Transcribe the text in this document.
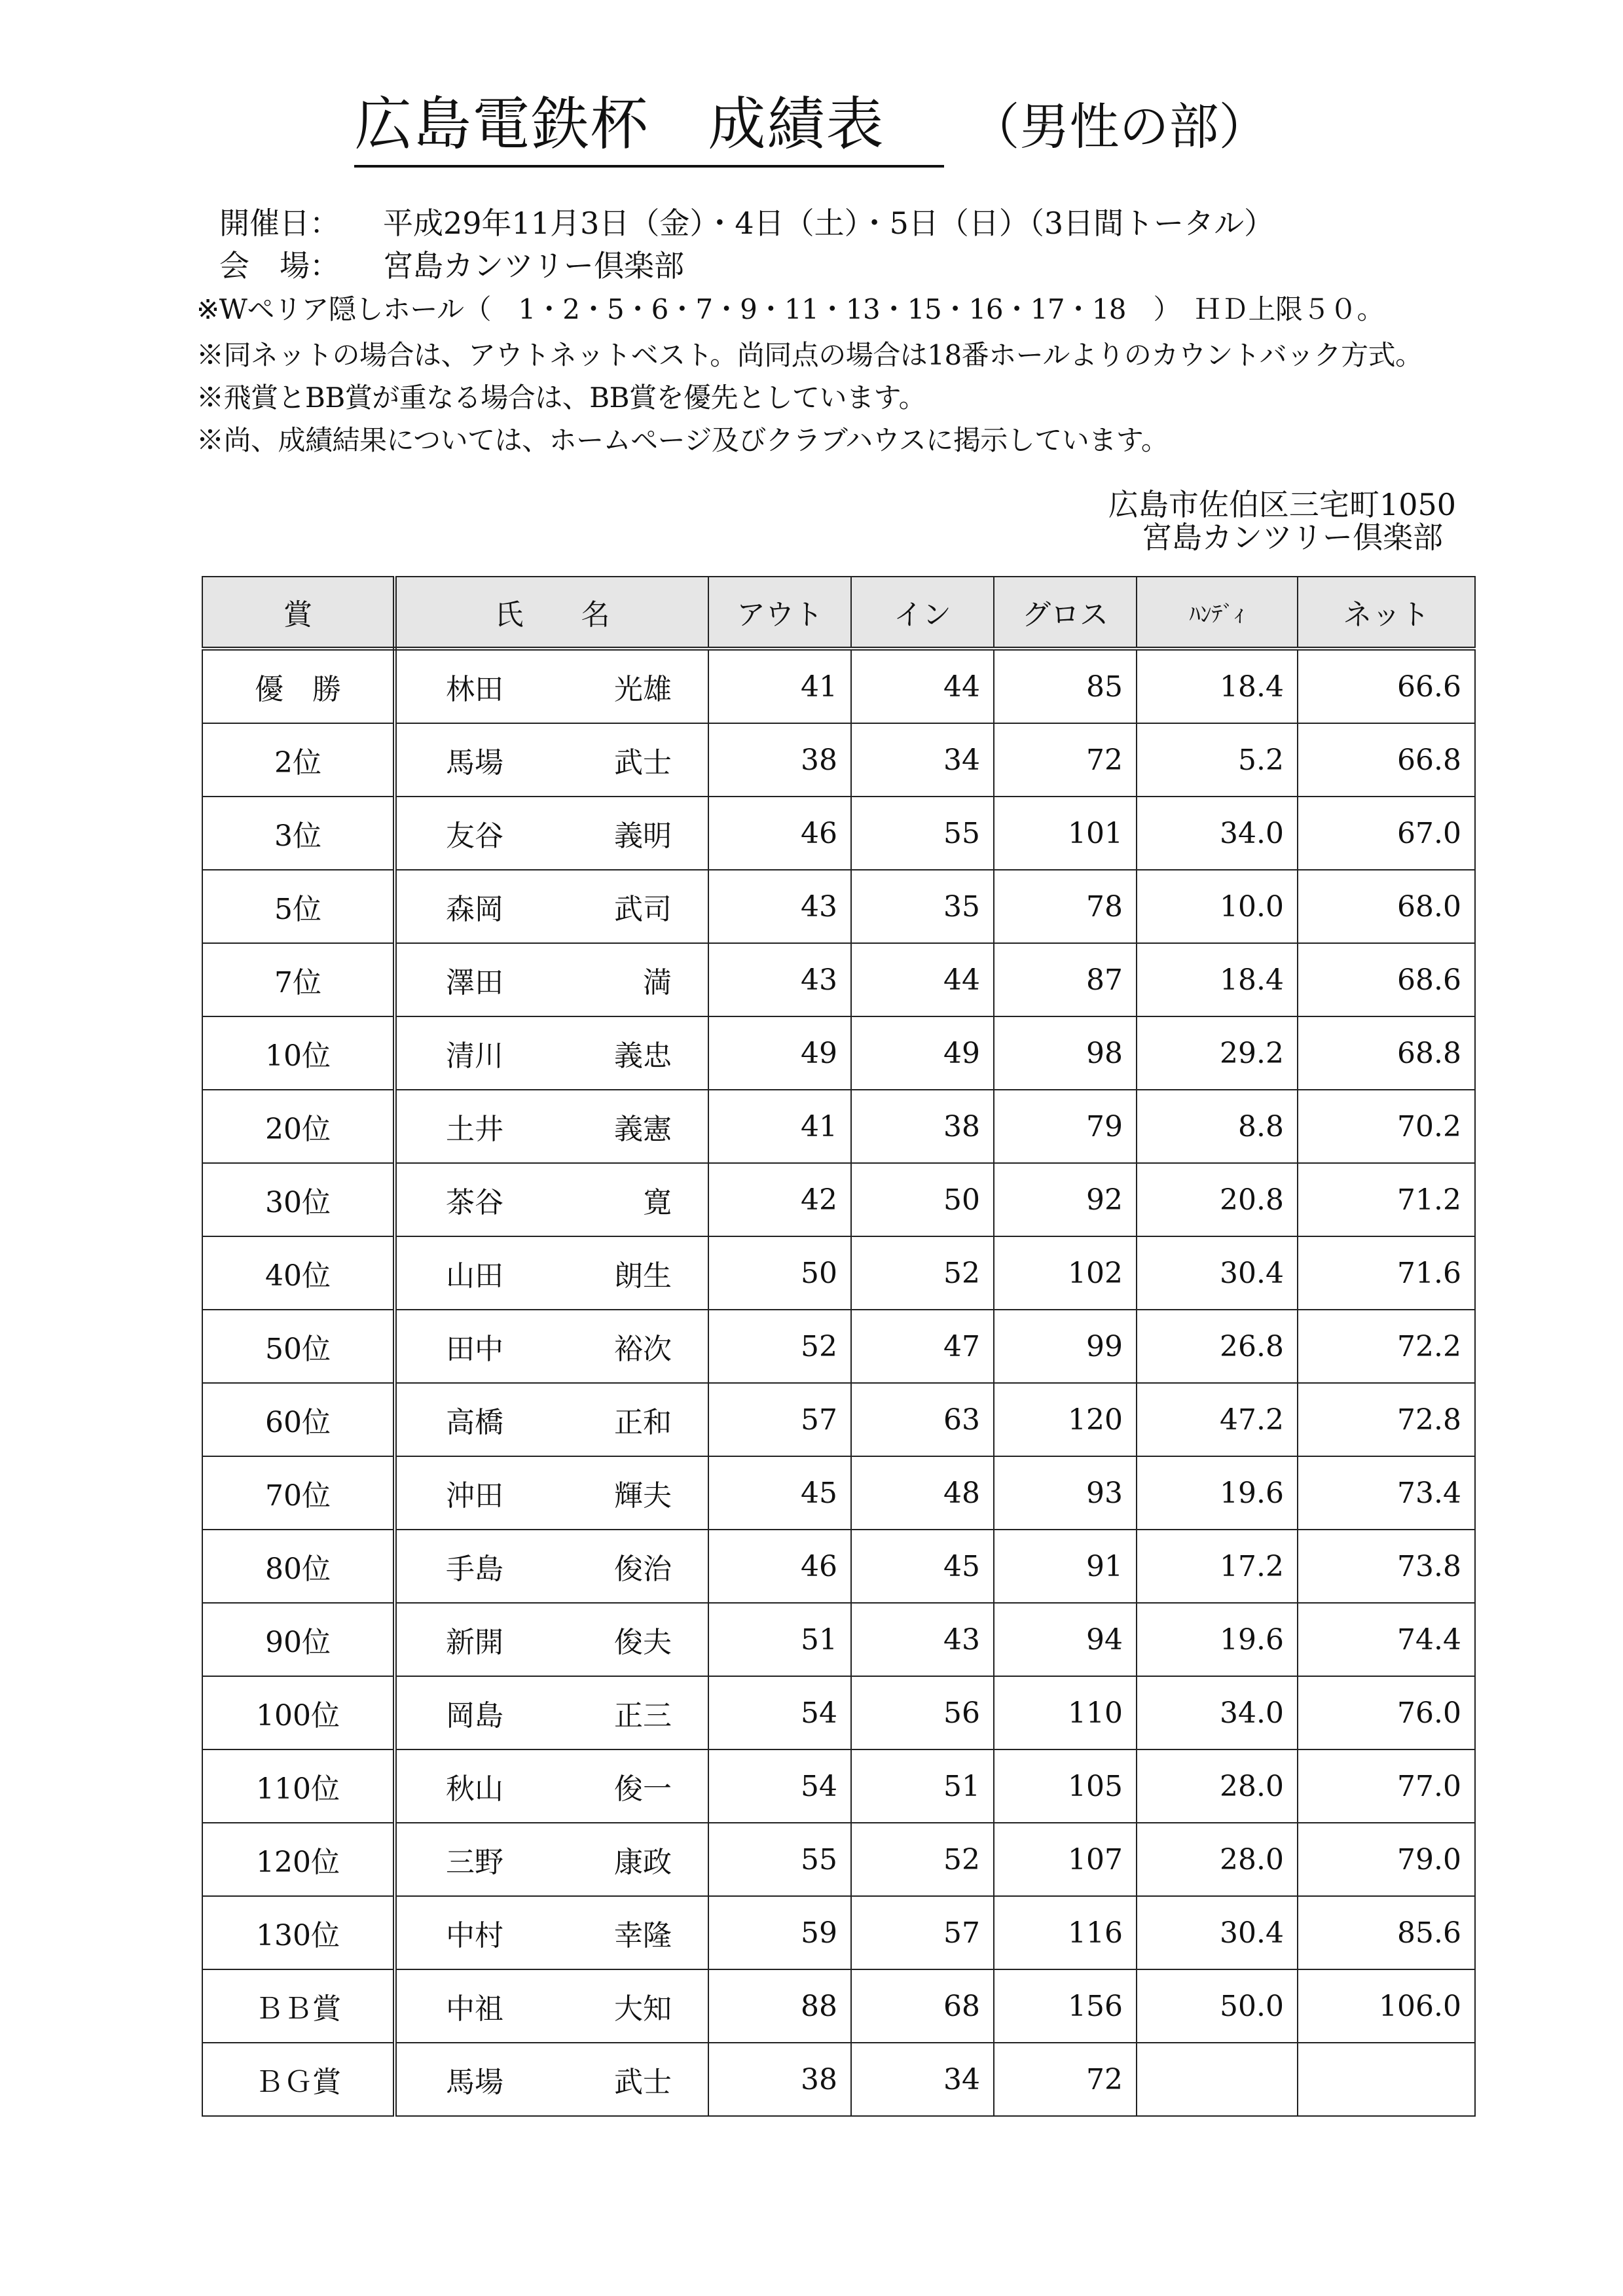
広島電鉄杯　成績表 （男性の部）
開催日： 平成29年11月3日（金）・4日（土）・5日（日）（3日間トータル）
会　場： 宮島カンツリー倶楽部
※Wペリア隠しホール（　1・2・5・6・7・9・11・13・15・16・17・18　）　ＨＤ上限５０。
※同ネットの場合は、アウトネットベスト。尚同点の場合は18番ホールよりのカウントバック方式。
※飛賞とBB賞が重なる場合は、BB賞を優先としています。
※尚、成績結果については、ホームページ及びクラブハウスに掲示しています。
広島市佐伯区三宅町1050
宮島カンツリー倶楽部
賞	氏　　名	アウト	イン	グロス	ﾊﾝﾃﾞｨ	ネット
優　勝	林田 光雄	41	44	85	18.4	66.6
2位	馬場 武士	38	34	72	5.2	66.8
3位	友谷 義明	46	55	101	34.0	67.0
5位	森岡 武司	43	35	78	10.0	68.0
7位	澤田 満	43	44	87	18.4	68.6
10位	清川 義忠	49	49	98	29.2	68.8
20位	土井 義憲	41	38	79	8.8	70.2
30位	茶谷 寛	42	50	92	20.8	71.2
40位	山田 朗生	50	52	102	30.4	71.6
50位	田中 裕次	52	47	99	26.8	72.2
60位	高橋 正和	57	63	120	47.2	72.8
70位	沖田 輝夫	45	48	93	19.6	73.4
80位	手島 俊治	46	45	91	17.2	73.8
90位	新開 俊夫	51	43	94	19.6	74.4
100位	岡島 正三	54	56	110	34.0	76.0
110位	秋山 俊一	54	51	105	28.0	77.0
120位	三野 康政	55	52	107	28.0	79.0
130位	中村 幸隆	59	57	116	30.4	85.6
ＢＢ賞	中祖 大知	88	68	156	50.0	106.0
ＢＧ賞	馬場 武士	38	34	72		
